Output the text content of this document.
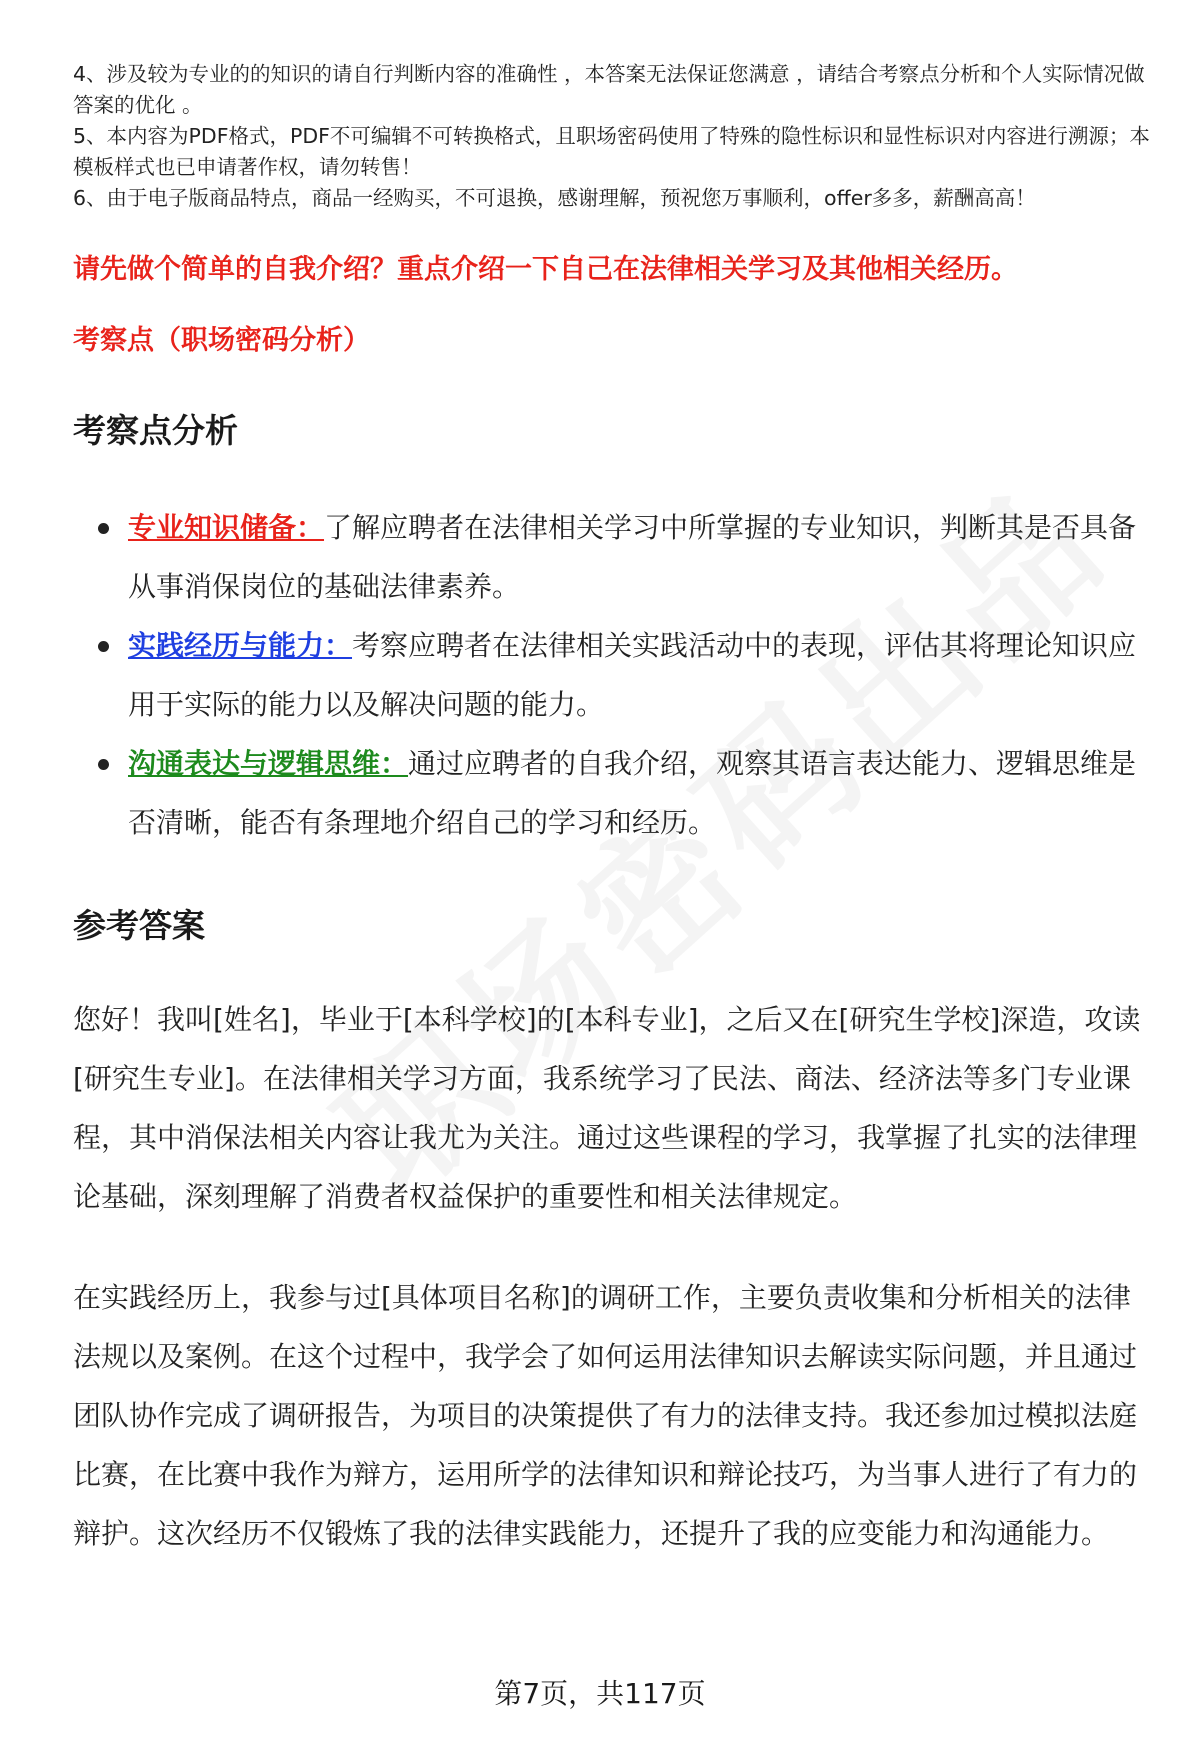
4、涉及较为专业的的知识的请自行判断内容的准确性 ，本答案无法保证您满意 ，请结合考察点分析和个人实际情况做答案的优化 。

5、本内容为PDF格式，PDF不可编辑不可转换格式，且职场密码使用了特殊的隐性标识和显性标识对内容进行溯源；本模板样式也已申请著作权，请勿转售！

6、由于电子版商品特点，商品一经购买，不可退换，感谢理解，预祝您万事顺利，offer多多，薪酬高高！

请先做个简单的自我介绍？重点介绍一下自己在法律相关学习及其他相关经历。
考察点（职场密码分析）
考察点分析
专业知识储备：了解应聘者在法律相关学习中所掌握的专业知识，判断其是否具备从事消保岗位的基础法律素养。
实践经历与能力：考察应聘者在法律相关实践活动中的表现，评估其将理论知识应用于实际的能力以及解决问题的能力。
沟通表达与逻辑思维：通过应聘者的自我介绍，观察其语言表达能力、逻辑思维是否清晰，能否有条理地介绍自己的学习和经历。
参考答案

您好！我叫[姓名]，毕业于[本科学校]的[本科专业]，之后又在[研究生学校]深造，攻读[研究生专业]。在法律相关学习方面，我系统学习了民法、商法、经济法等多门专业课程，其中消保法相关内容让我尤为关注。通过这些课程的学习，我掌握了扎实的法律理论基础，深刻理解了消费者权益保护的重要性和相关法律规定。

在实践经历上，我参与过[具体项目名称]的调研工作，主要负责收集和分析相关的法律法规以及案例。在这个过程中，我学会了如何运用法律知识去解读实际问题，并且通过团队协作完成了调研报告，为项目的决策提供了有力的法律支持。我还参加过模拟法庭比赛，在比赛中我作为辩方，运用所学的法律知识和辩论技巧，为当事人进行了有力的辩护。这次经历不仅锻炼了我的法律实践能力，还提升了我的应变能力和沟通能力。

第7页，共117页
